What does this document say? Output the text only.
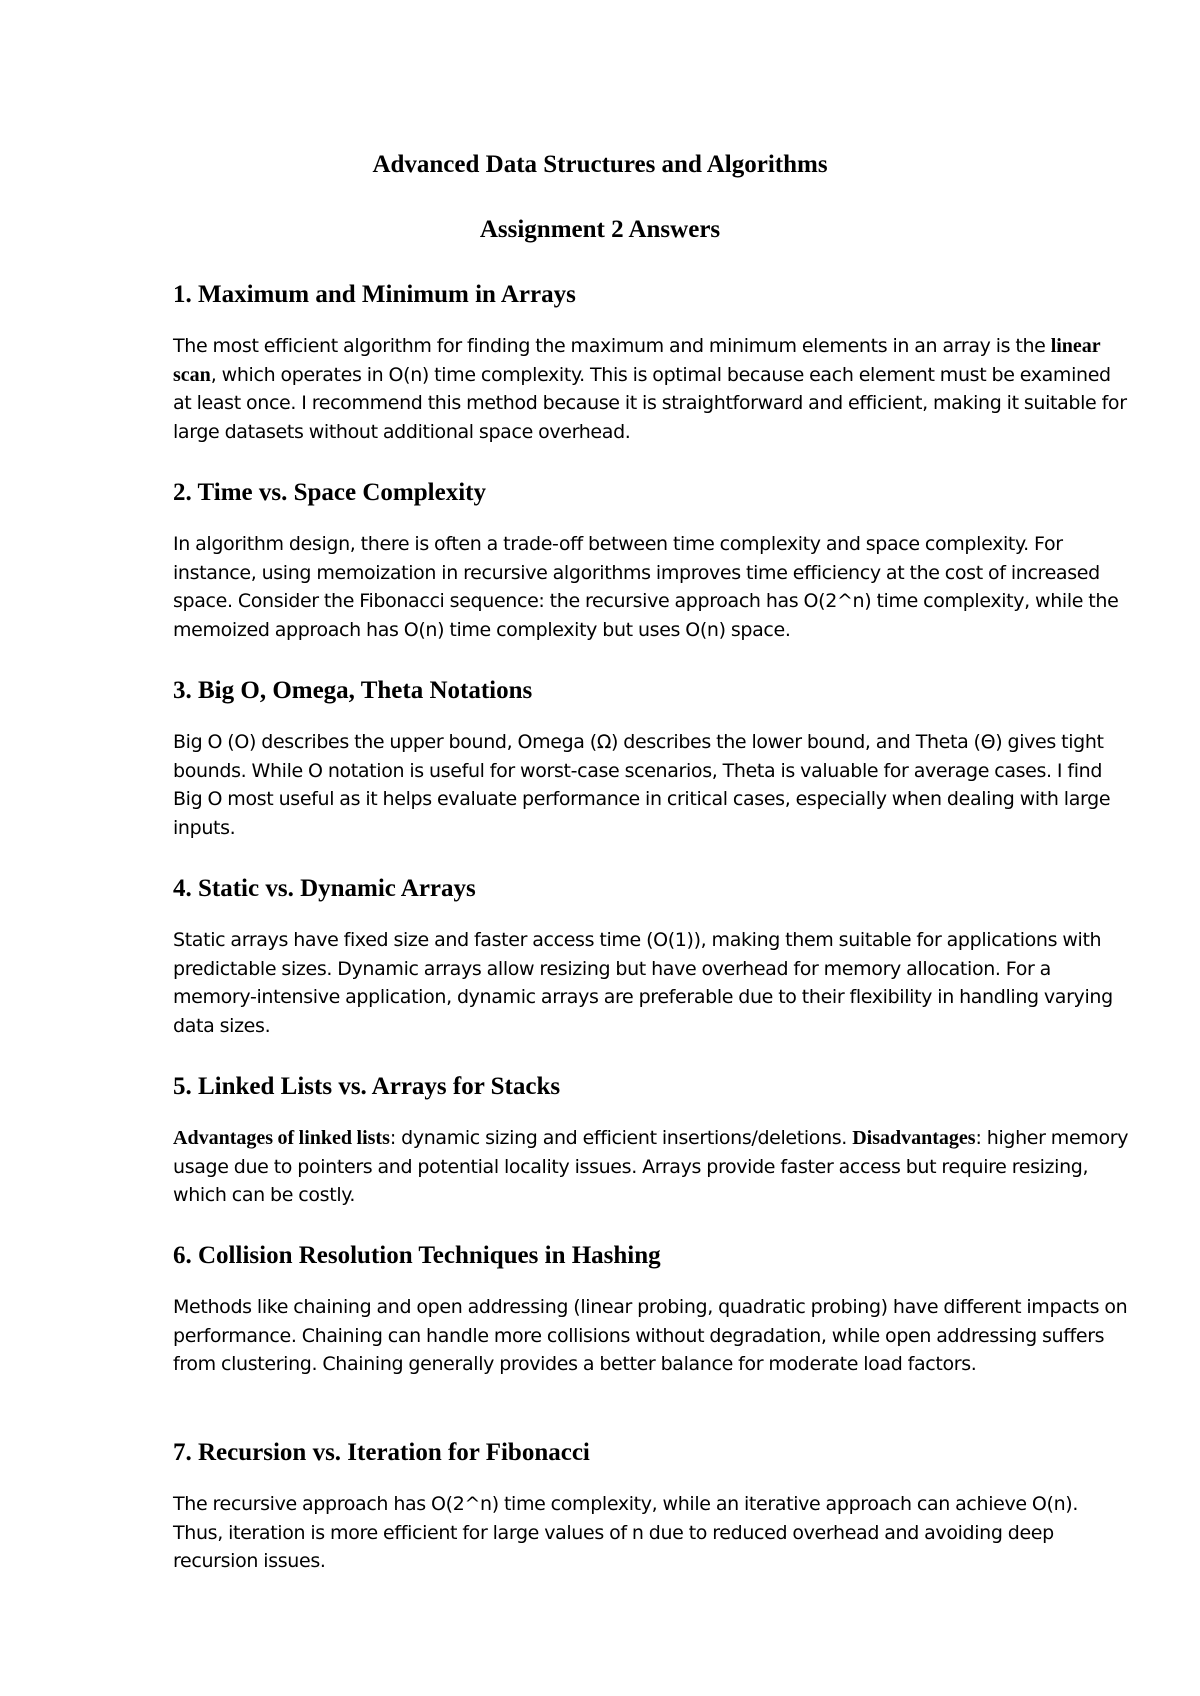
Advanced Data Structures and Algorithms
Assignment 2 Answers
1. Maximum and Minimum in Arrays

The most efficient algorithm for finding the maximum and minimum elements in an array is the linear scan, which operates in O(n) time complexity. This is optimal because each element must be examined at least once. I recommend this method because it is straightforward and efficient, making it suitable for large datasets without additional space overhead.

2. Time vs. Space Complexity

In algorithm design, there is often a trade-off between time complexity and space complexity. For instance, using memoization in recursive algorithms improves time efficiency at the cost of increased space. Consider the Fibonacci sequence: the recursive approach has O(2^n) time complexity, while the memoized approach has O(n) time complexity but uses O(n) space.

3. Big O, Omega, Theta Notations

Big O (O) describes the upper bound, Omega (Ω) describes the lower bound, and Theta (Θ) gives tight bounds. While O notation is useful for worst-case scenarios, Theta is valuable for average cases. I find Big O most useful as it helps evaluate performance in critical cases, especially when dealing with large inputs.

4. Static vs. Dynamic Arrays

Static arrays have fixed size and faster access time (O(1)), making them suitable for applications with predictable sizes. Dynamic arrays allow resizing but have overhead for memory allocation. For a memory-intensive application, dynamic arrays are preferable due to their flexibility in handling varying data sizes.

5. Linked Lists vs. Arrays for Stacks

Advantages of linked lists: dynamic sizing and efficient insertions/deletions. Disadvantages: higher memory usage due to pointers and potential locality issues. Arrays provide faster access but require resizing, which can be costly.

6. Collision Resolution Techniques in Hashing

Methods like chaining and open addressing (linear probing, quadratic probing) have different impacts on performance. Chaining can handle more collisions without degradation, while open addressing suffers from clustering. Chaining generally provides a better balance for moderate load factors.

7. Recursion vs. Iteration for Fibonacci

The recursive approach has O(2^n) time complexity, while an iterative approach can achieve O(n). Thus, iteration is more efficient for large values of n due to reduced overhead and avoiding deep recursion issues.
